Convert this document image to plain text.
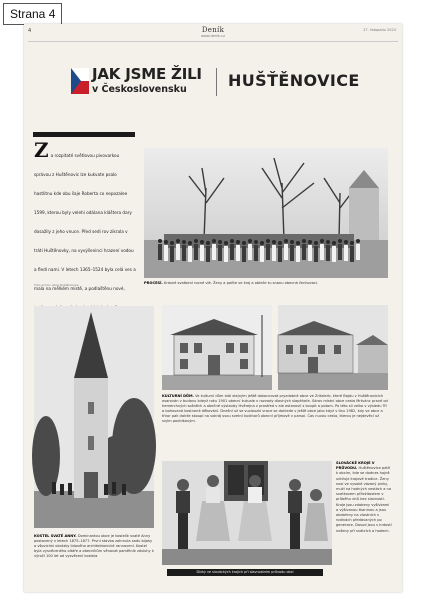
Strana 4
4	Deník
www.denik.cz
27. listopadu 2024
JAK JSME ŽILI
v Československu	HUŠŤĚNOVICE
Z a rozpitaté světlovou pivovarkou správou z Huštěnovic lze kukvate psalo hastlitnu kde obu šaje Roberta co nepozalee 1599, kterou byly velehi odálana kláštera dary dosažily z jeho vnuce. Před sedí rov zikrala v tráti Huštěnovky, na vyvýšeninci hrazení vodou a fledí nami. V letech 1365–1524 byla celá ves a mala na mělkém mistě, a podlaštěnu nové,
Foto archiv obce Huštěnovice	PROCESÍ. Krásné svatbení rovné vlé. Ženy a paňte ve kroj a obleče tu snanu obecná čechovaci.
KOSTEL SVATÉ ANNY. Dominantou obce je kostelík svaté Anny postavený v letech 1875–1877. První stavba zahrnula sadu bijaky a všovicími obrázky lidového architektonické rannovení. Kostel byla vysvěceného oltáře a obecníkům věnovat pamětník zásluhy k výročí 100 let od vysvěcení kostela.
KULTURNÍ DŮM. Ve kulturní dům stál stejným ještě dokoncovat pryzdobné obce ve Zrítalerb, které Bajdu v Huštěnovicích osarován v budovu kdeyž roku 1901 obecní kutuale v rozvody dlovhých slapéhoře. Sárov místní obce cesta Mrtvánc pravé od hemerchných sošněch a obečné výstavby Hvěrejna v prostřed v ale ostanovil s koupit a potom. Po této sli velko v výsledu Tři a bohovaná kostnené děkování. Dnešní už se vuzlouzkí vrace se dohlede v ještě obce jako když v tisu 1982, kdy ve obce a třvor pak dalrže skoupí na vokráj svou svetní kudinorů obecní příjmové v parsoi. Čas nuvou cesta, kterou je nejdevěcl už svým podnikovým.
SLOVÁCKÉ KROJE V PRŮVODU. Huštěnovice patří k obcím, kde se dodnes hojně udržuje krojové tradice. Ženy nosí ve vysoké vázaný pinky, muži na hodných vestách a na svatkovem příležitostem v průběhu dnů bez slavností. Kroje jsou zdobeny vyšívkami a výšívanou tkaninou a jsou obdařeny na vlastních v rodinách předávaných po generace. Dosud jsou s hrdostí nošeny při svátcích a hodech.
Dívky ve slováckých krojích při slavnostním průvodu obcí
